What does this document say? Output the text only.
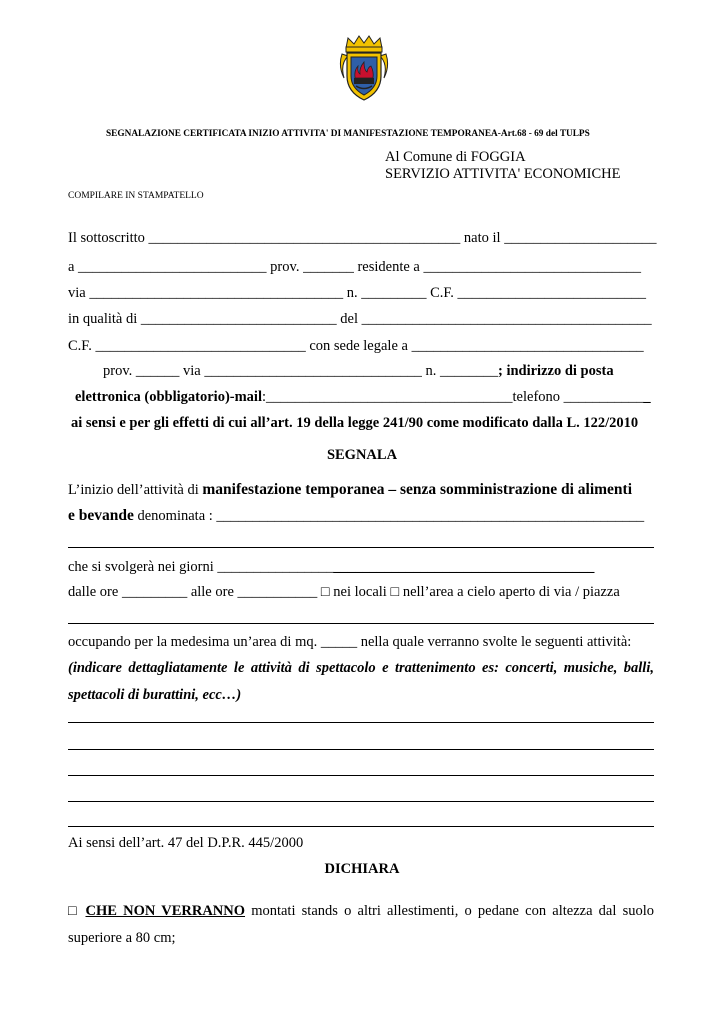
SEGNALAZIONE CERTIFICATA INIZIO ATTIVITA' DI MANIFESTAZIONE TEMPORANEA-Art.68 - 69 del TULPS
Al Comune di FOGGIA
SERVIZIO ATTIVITA' ECONOMICHE
COMPILARE IN STAMPATELLO
Il sottoscritto ___________________________________________ nato il _____________________
a __________________________ prov. _______ residente a ______________________________
via ___________________________________ n. _________ C.F. __________________________
in qualità di ___________________________ del ________________________________________
C.F. _____________________________ con sede legale a ________________________________
prov. ______ via ______________________________ n. ________; indirizzo di posta
elettronica (obbligatorio)-mail:__________________________________telefono ____________
ai sensi e per gli effetti di cui all’art. 19 della legge 241/90 come modificato dalla L. 122/2010
SEGNALA
L’inizio dell’attività di manifestazione temporanea – senza somministrazione di alimenti
e bevande denominata : ___________________________________________________________
che si svolgerà nei giorni ____________________________________________________
dalle ore _________ alle ore ___________ □ nei locali □ nell’area a cielo aperto di via / piazza
occupando per la medesima un’area di mq. _____ nella quale verranno svolte le seguenti attività:
(indicare dettagliatamente le attività di spettacolo e trattenimento es: concerti, musiche, balli, spettacoli di burattini, ecc…)
Ai sensi dell’art. 47 del D.P.R. 445/2000
DICHIARA
□ CHE NON VERRANNO montati stands o altri allestimenti, o pedane con altezza dal suolo superiore a 80 cm;
